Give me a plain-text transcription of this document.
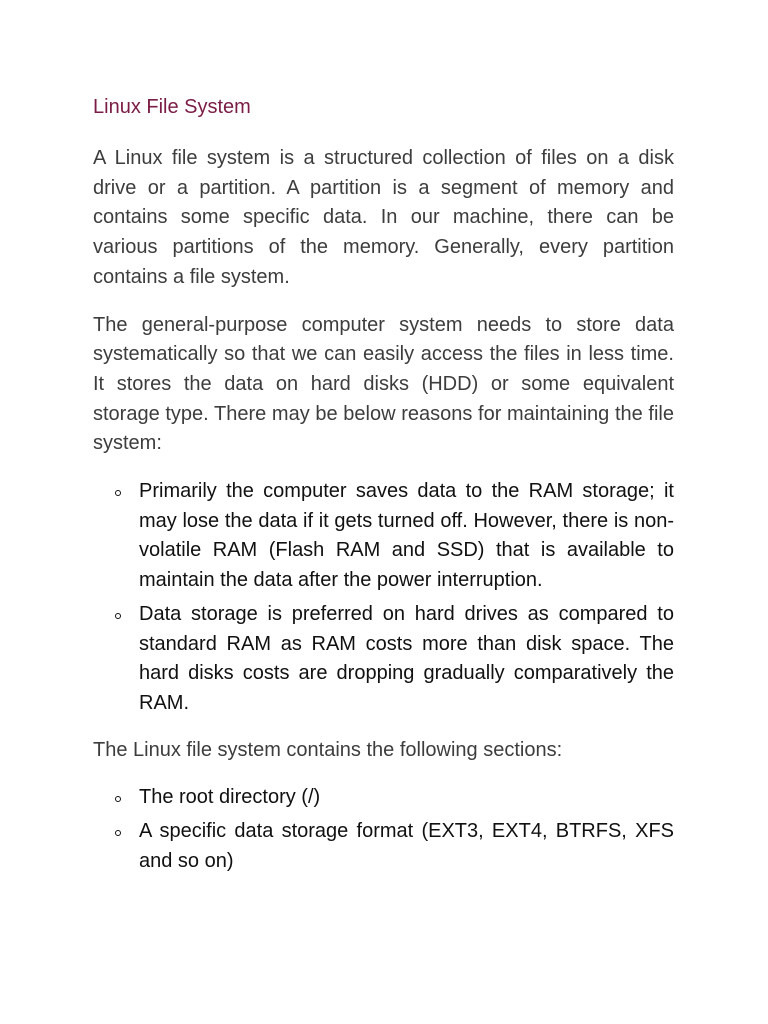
Linux File System

A Linux file system is a structured collection of files on a disk drive or a partition. A partition is a segment of memory and contains some specific data. In our machine, there can be various partitions of the memory. Generally, every partition contains a file system.

The general-purpose computer system needs to store data systematically so that we can easily access the files in less time. It stores the data on hard disks (HDD) or some equivalent storage type. There may be below reasons for maintaining the file system:

Primarily the computer saves data to the RAM storage; it may lose the data if it gets turned off. However, there is non-volatile RAM (Flash RAM and SSD) that is available to maintain the data after the power interruption.
Data storage is preferred on hard drives as compared to standard RAM as RAM costs more than disk space. The hard disks costs are dropping gradually comparatively the RAM.

The Linux file system contains the following sections:

The root directory (/)
A specific data storage format (EXT3, EXT4, BTRFS, XFS and so on)
